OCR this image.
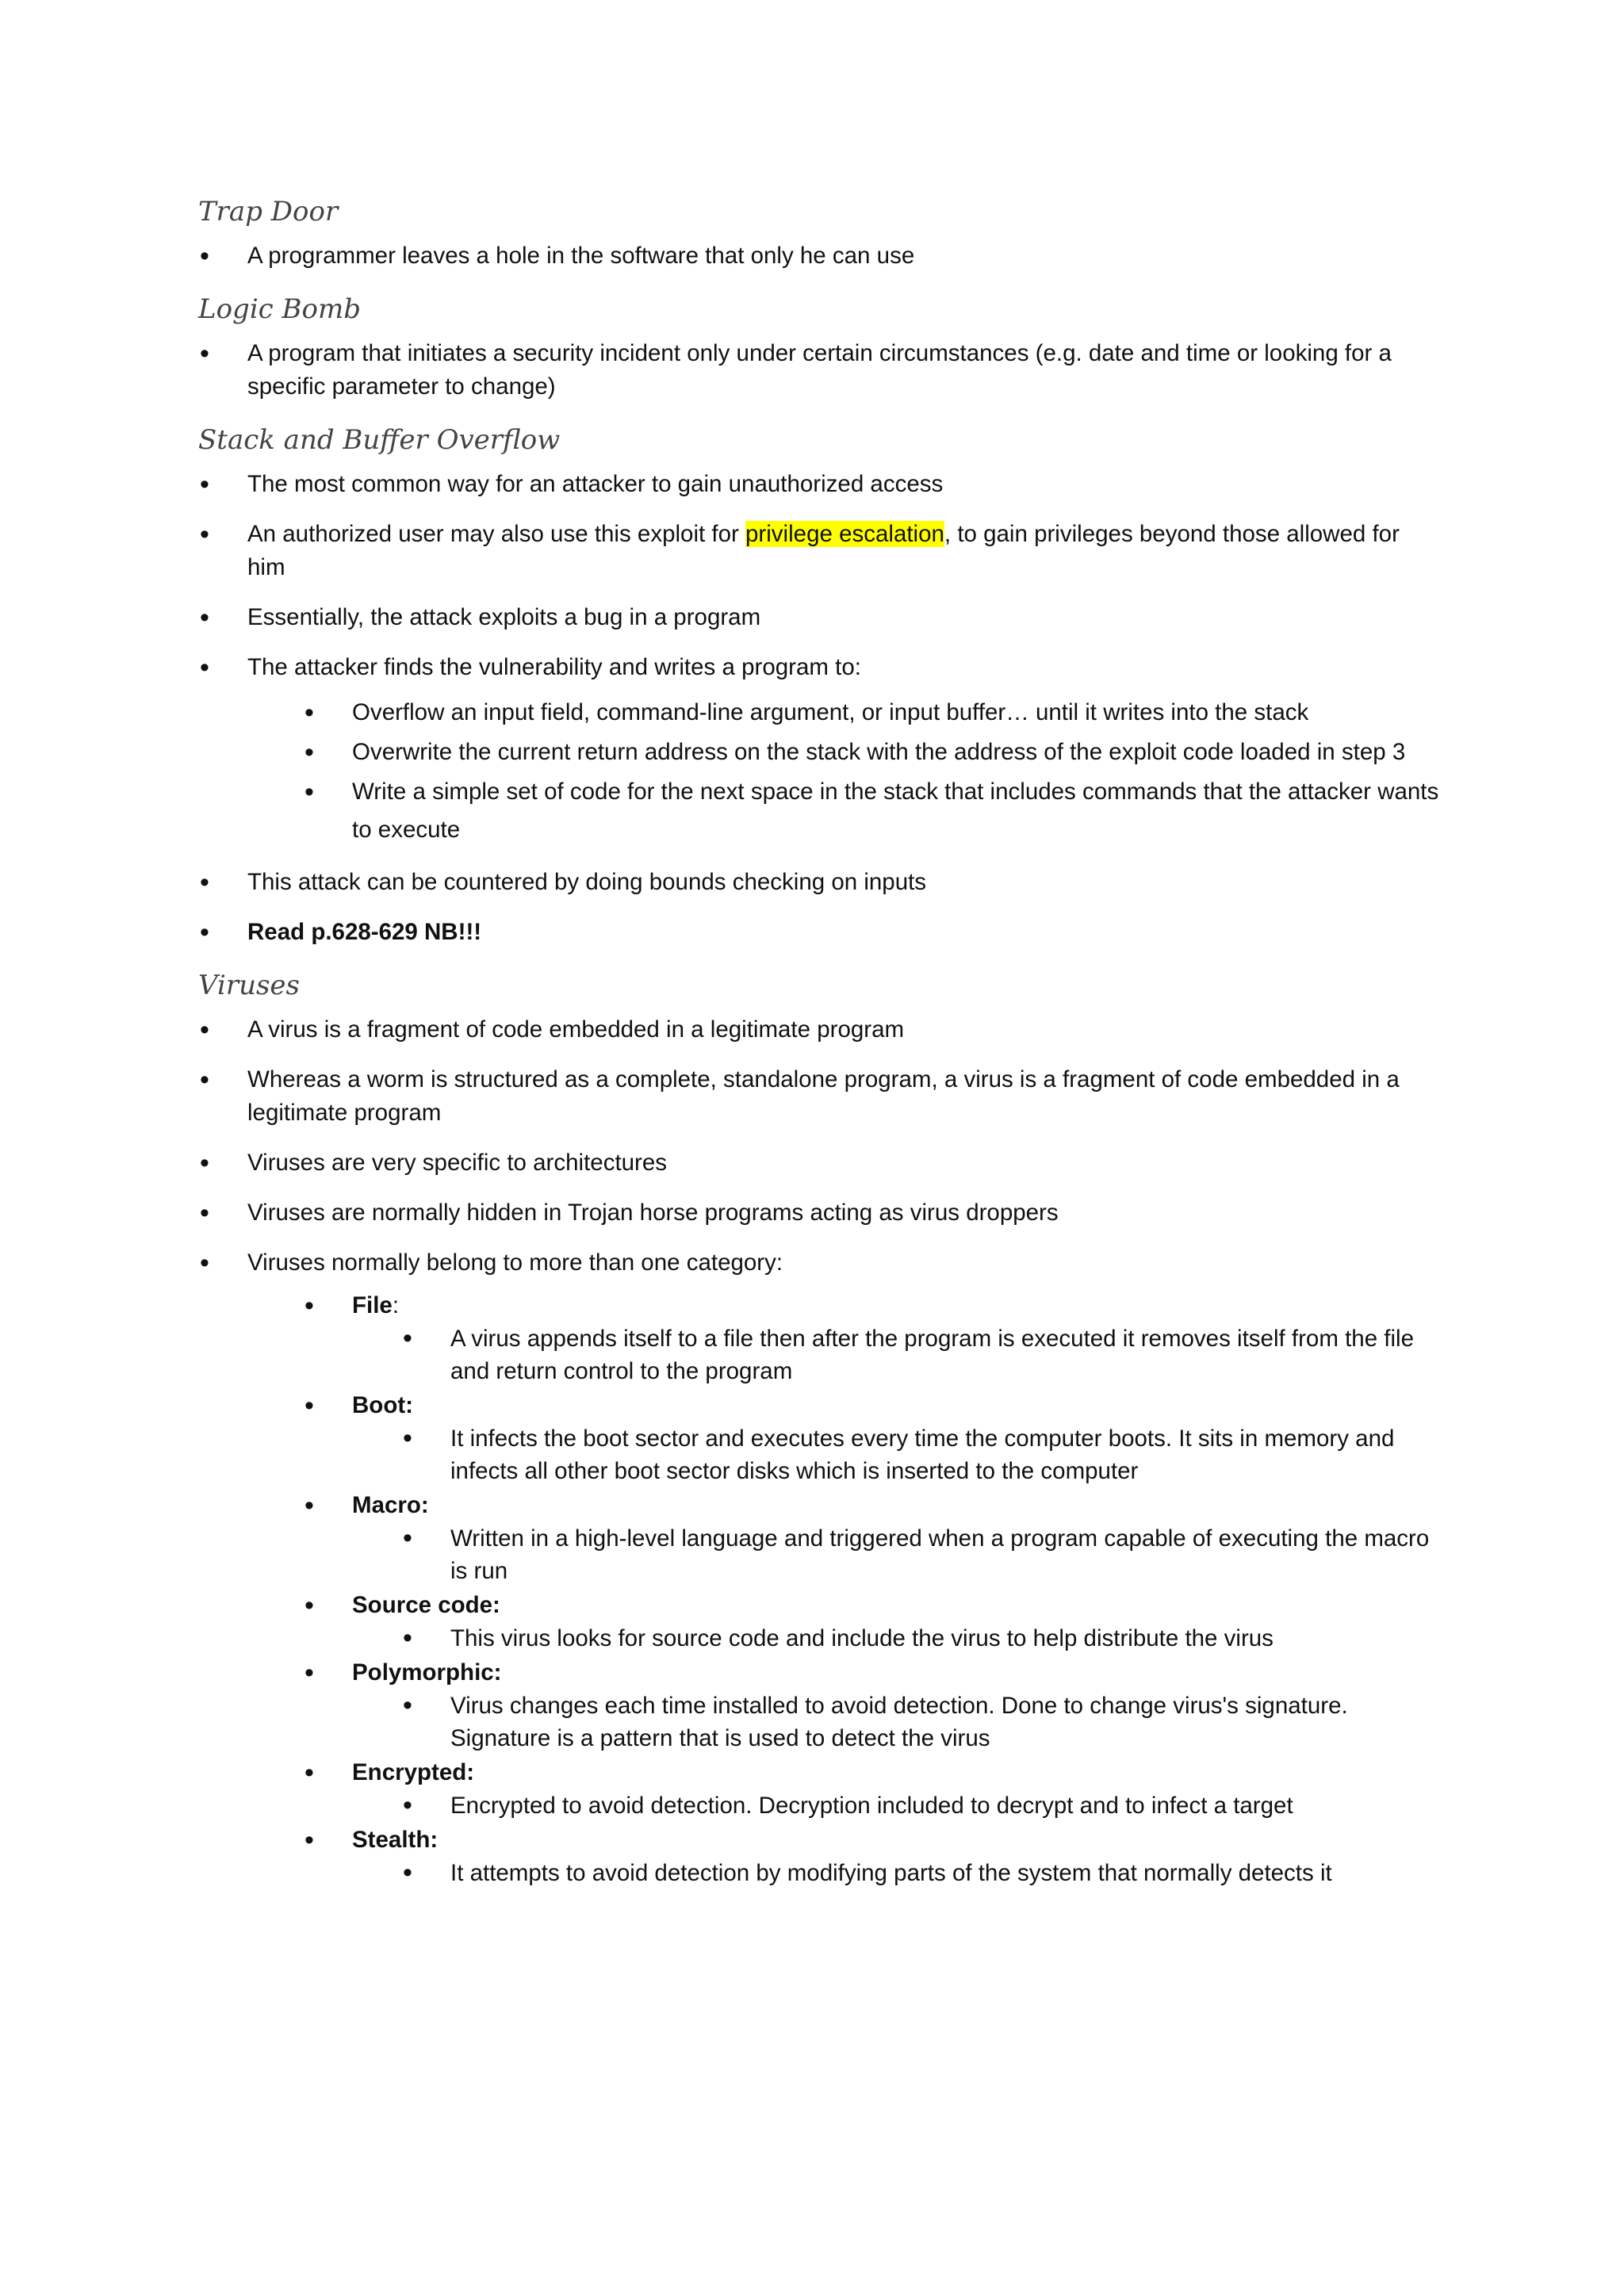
Trap Door
• A programmer leaves a hole in the software that only he can use
Logic Bomb
• A program that initiates a security incident only under certain circumstances (e.g. date and time or looking for a specific parameter to change)
Stack and Buffer Overflow
• The most common way for an attacker to gain unauthorized access
• An authorized user may also use this exploit for privilege escalation, to gain privileges beyond those allowed for him
• Essentially, the attack exploits a bug in a program
• The attacker finds the vulnerability and writes a program to:
• Overflow an input field, command-line argument, or input buffer… until it writes into the stack
• Overwrite the current return address on the stack with the address of the exploit code loaded in step 3
• Write a simple set of code for the next space in the stack that includes commands that the attacker wants to execute
• This attack can be countered by doing bounds checking on inputs
• Read p.628-629 NB!!!
Viruses
• A virus is a fragment of code embedded in a legitimate program
• Whereas a worm is structured as a complete, standalone program, a virus is a fragment of code embedded in a legitimate program
• Viruses are very specific to architectures
• Viruses are normally hidden in Trojan horse programs acting as virus droppers
• Viruses normally belong to more than one category:
• File:
• A virus appends itself to a file then after the program is executed it removes itself from the file and return control to the program
• Boot:
• It infects the boot sector and executes every time the computer boots. It sits in memory and infects all other boot sector disks which is inserted to the computer
• Macro:
• Written in a high-level language and triggered when a program capable of executing the macro is run
• Source code:
• This virus looks for source code and include the virus to help distribute the virus
• Polymorphic:
• Virus changes each time installed to avoid detection. Done to change virus's signature. Signature is a pattern that is used to detect the virus
• Encrypted:
• Encrypted to avoid detection. Decryption included to decrypt and to infect a target
• Stealth:
• It attempts to avoid detection by modifying parts of the system that normally detects it
